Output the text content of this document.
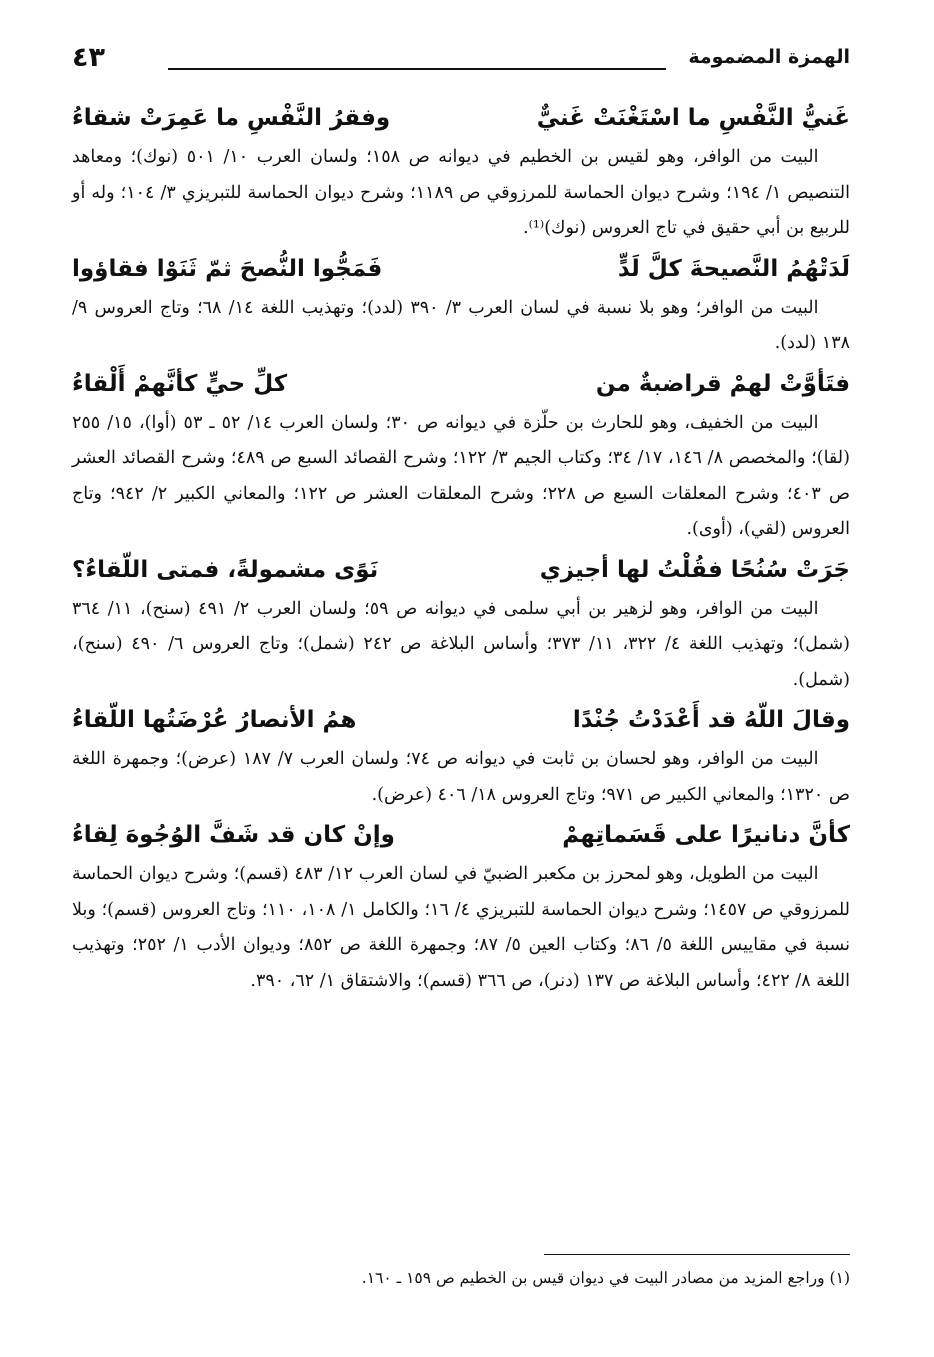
الهمزة المضمومة
٤٣
غَنيُّ النَّفْسِ ما اسْتَغْنَتْ غَنيٌّ
وفقرُ النَّفْسِ ما عَمِرَتْ شقاءُ

البيت من الوافر، وهو لقيس بن الخطيم في ديوانه ص ١٥٨؛ ولسان العرب ١٠/ ٥٠١ (نوك)؛ ومعاهد التنصيص ١/ ١٩٤؛ وشرح ديوان الحماسة للمرزوقي ص ١١٨٩؛ وشرح ديوان الحماسة للتبريزي ٣/ ١٠٤؛ وله أو للربيع بن أبي حقيق في تاج العروس (نوك)⁽¹⁾.

لَدَتْهُمُ النَّصيحةَ كلَّ لَدٍّ
فَمَجُّوا النُّصحَ ثمّ ثَنَوْا فقاؤوا

البيت من الوافر؛ وهو بلا نسبة في لسان العرب ٣/ ٣٩٠ (لدد)؛ وتهذيب اللغة ١٤/ ٦٨؛ وتاج العروس ٩/ ١٣٨ (لدد).

فتَأوَّتْ لهمْ قراضبةٌ من
كلِّ حيٍّ كأنَّهمْ أَلْقاءُ

البيت من الخفيف، وهو للحارث بن حلّزة في ديوانه ص ٣٠؛ ولسان العرب ١٤/ ٥٢ ـ ٥٣ (أوا)، ١٥/ ٢٥٥ (لقا)؛ والمخصص ٨/ ١٤٦، ١٧/ ٣٤؛ وكتاب الجيم ٣/ ١٢٢؛ وشرح القصائد السبع ص ٤٨٩؛ وشرح القصائد العشر ص ٤٠٣؛ وشرح المعلقات السبع ص ٢٢٨؛ وشرح المعلقات العشر ص ١٢٢؛ والمعاني الكبير ٢/ ٩٤٢؛ وتاج العروس (لقي)، (أوى).

جَرَتْ سُنُحًا فقُلْتُ لها أجيزي
نَوًى مشمولةً، فمتى اللّقاءُ؟

البيت من الوافر، وهو لزهير بن أبي سلمى في ديوانه ص ٥٩؛ ولسان العرب ٢/ ٤٩١ (سنح)، ١١/ ٣٦٤ (شمل)؛ وتهذيب اللغة ٤/ ٣٢٢، ١١/ ٣٧٣؛ وأساس البلاغة ص ٢٤٢ (شمل)؛ وتاج العروس ٦/ ٤٩٠ (سنح)، (شمل).

وقالَ اللّهُ قد أَعْدَدْتُ جُنْدًا
همُ الأنصارُ عُرْضَتُها اللّقاءُ

البيت من الوافر، وهو لحسان بن ثابت في ديوانه ص ٧٤؛ ولسان العرب ٧/ ١٨٧ (عرض)؛ وجمهرة اللغة ص ١٣٢٠؛ والمعاني الكبير ص ٩٧١؛ وتاج العروس ١٨/ ٤٠٦ (عرض).

كأنَّ دنانيرًا على قَسَماتِهمْ
وإنْ كان قد شَفَّ الوُجُوهَ لِقاءُ

البيت من الطويل، وهو لمحرز بن مكعبر الضبيّ في لسان العرب ١٢/ ٤٨٣ (قسم)؛ وشرح ديوان الحماسة للمرزوقي ص ١٤٥٧؛ وشرح ديوان الحماسة للتبريزي ٤/ ١٦؛ والكامل ١/ ١٠٨، ١١٠؛ وتاج العروس (قسم)؛ وبلا نسبة في مقاييس اللغة ٥/ ٨٦؛ وكتاب العين ٥/ ٨٧؛ وجمهرة اللغة ص ٨٥٢؛ وديوان الأدب ١/ ٢٥٢؛ وتهذيب اللغة ٨/ ٤٢٢؛ وأساس البلاغة ص ١٣٧ (دنر)، ص ٣٦٦ (قسم)؛ والاشتقاق ١/ ٦٢، ٣٩٠.

(١) وراجع المزيد من مصادر البيت في ديوان قيس بن الخطيم ص ١٥٩ ـ ١٦٠.
